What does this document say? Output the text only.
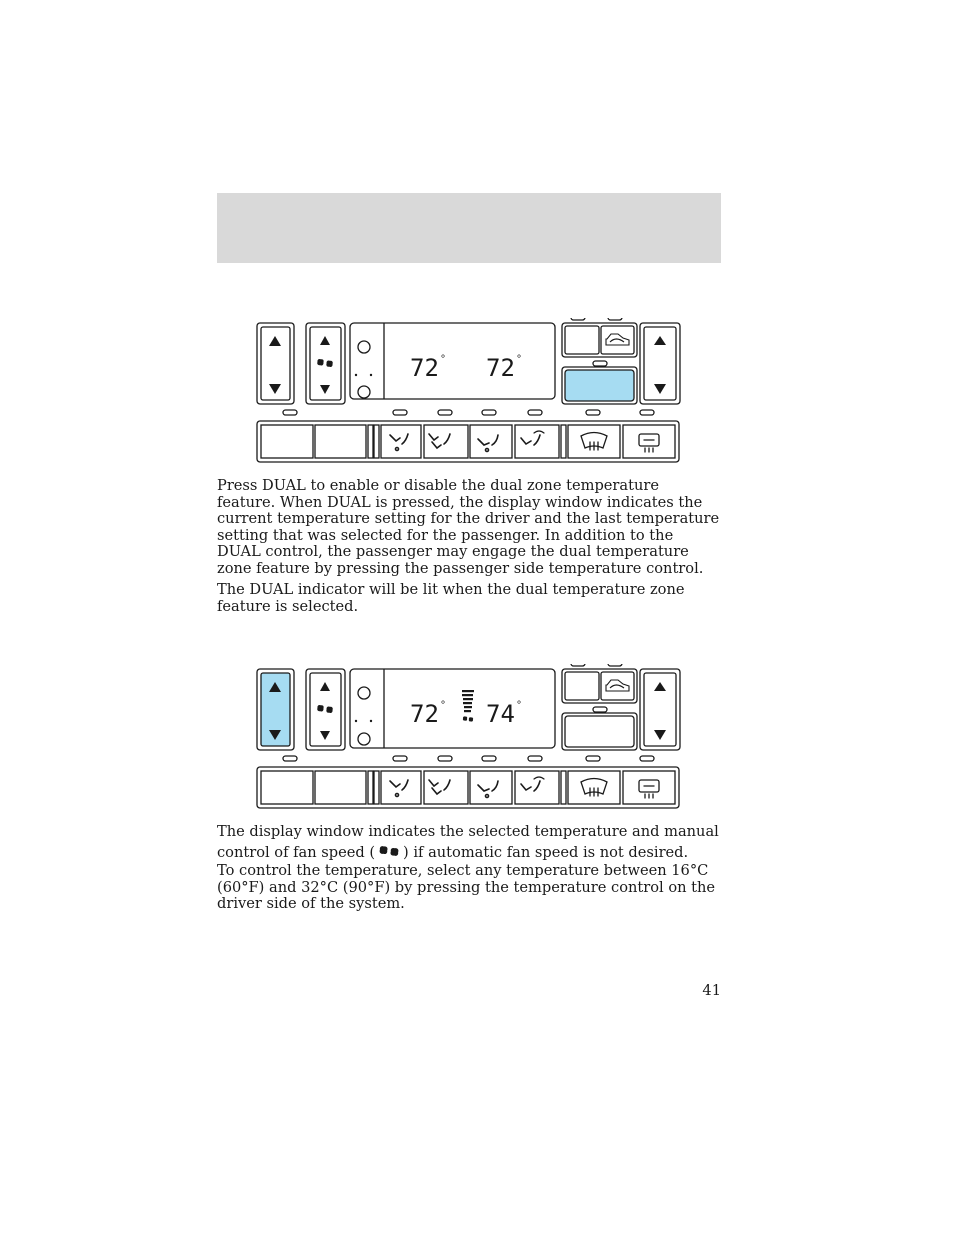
72 ° 72 °

Press DUAL to enable or disable the dual zone temperature feature. When DUAL is pressed, the display window indicates the current temperature setting for the driver and the last temperature setting that was selected for the passenger. In addition to the DUAL control, the passenger may engage the dual temperature zone feature by pressing the passenger side temperature control.

The DUAL indicator will be lit when the dual temperature zone feature is selected.

72 ° 74 °

The display window indicates the selected temperature and manual control of fan speed ( ) if automatic fan speed is not desired.

To control the temperature, select any temperature between 16°C (60°F) and 32°C (90°F) by pressing the temperature control on the driver side of the system.

41
